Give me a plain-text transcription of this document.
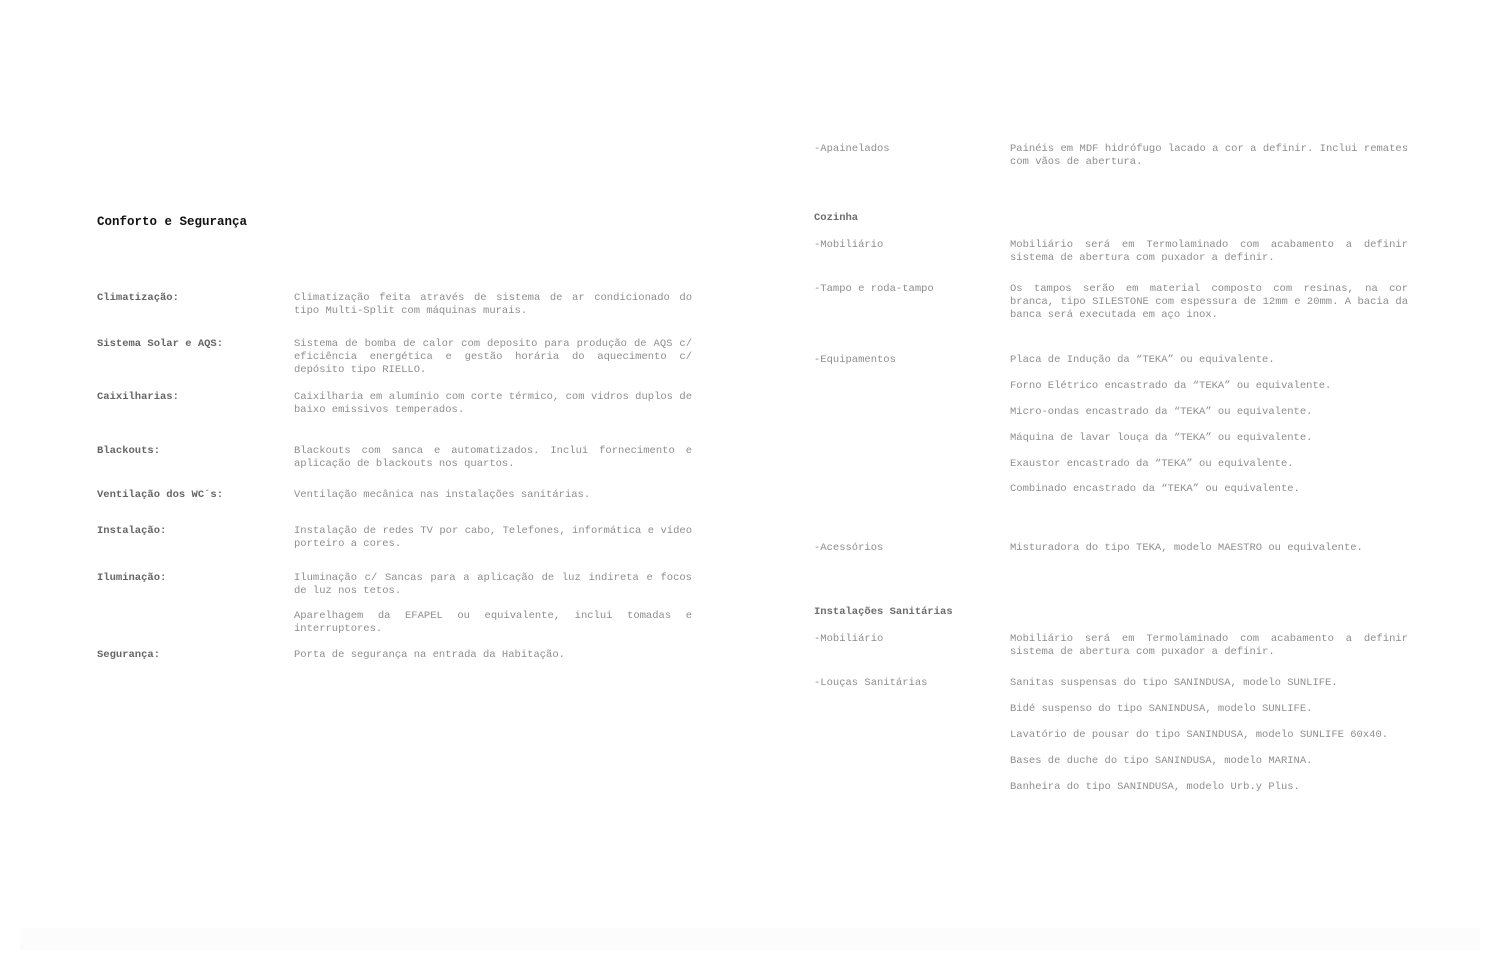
Conforto e Segurança
Climatização:	Climatização feita através de sistema de ar condicionado do tipo Multi-Split com máquinas murais.
Sistema Solar e AQS:	Sistema de bomba de calor com deposito para produção de AQS c/ eficiência energética e gestão horária do aquecimento c/ depósito tipo RIELLO.
Caixilharias:	Caixilharia em alumínio com corte térmico, com vidros duplos de baixo emissivos temperados.
Blackouts:	Blackouts com sanca e automatizados. Inclui fornecimento e aplicação de blackouts nos quartos.
Ventilação dos WC´s:	Ventilação mecânica nas instalações sanitárias.
Instalação:	Instalação de redes TV por cabo, Telefones, informática e vídeo porteiro a cores.
Iluminação:	Iluminação c/ Sancas para a aplicação de luz indireta e focos de luz nos tetos.
Aparelhagem da EFAPEL ou equivalente, inclui tomadas e interruptores.
Segurança:	Porta de segurança na entrada da Habitação.
-Apainelados	Painéis em MDF hidrófugo lacado a cor a definir. Inclui remates com vãos de abertura.
Cozinha
-Mobiliário	Mobiliário será em Termolaminado com acabamento a definir sistema de abertura com puxador a definir.
-Tampo e roda-tampo	Os tampos serão em material composto com resinas, na cor branca, tipo SILESTONE com espessura de 12mm e 20mm. A bacia da banca será executada em aço inox.
-Equipamentos	Placa de Indução da “TEKA” ou equivalente.
Forno Elétrico encastrado da “TEKA” ou equivalente.
Micro-ondas encastrado da “TEKA” ou equivalente.
Máquina de lavar louça da “TEKA” ou equivalente.
Exaustor encastrado da “TEKA” ou equivalente.
Combinado encastrado da “TEKA” ou equivalente.
-Acessórios	Misturadora do tipo TEKA, modelo MAESTRO ou equivalente.
Instalações Sanitárias
-Mobiliário	Mobiliário será em Termolaminado com acabamento a definir sistema de abertura com puxador a definir.
-Louças Sanitárias	Sanitas suspensas do tipo SANINDUSA, modelo SUNLIFE.
Bidé suspenso do tipo SANINDUSA, modelo SUNLIFE.
Lavatório de pousar do tipo SANINDUSA, modelo SUNLIFE 60x40.
Bases de duche do tipo SANINDUSA, modelo MARINA.
Banheira do tipo SANINDUSA, modelo Urb.y Plus.
